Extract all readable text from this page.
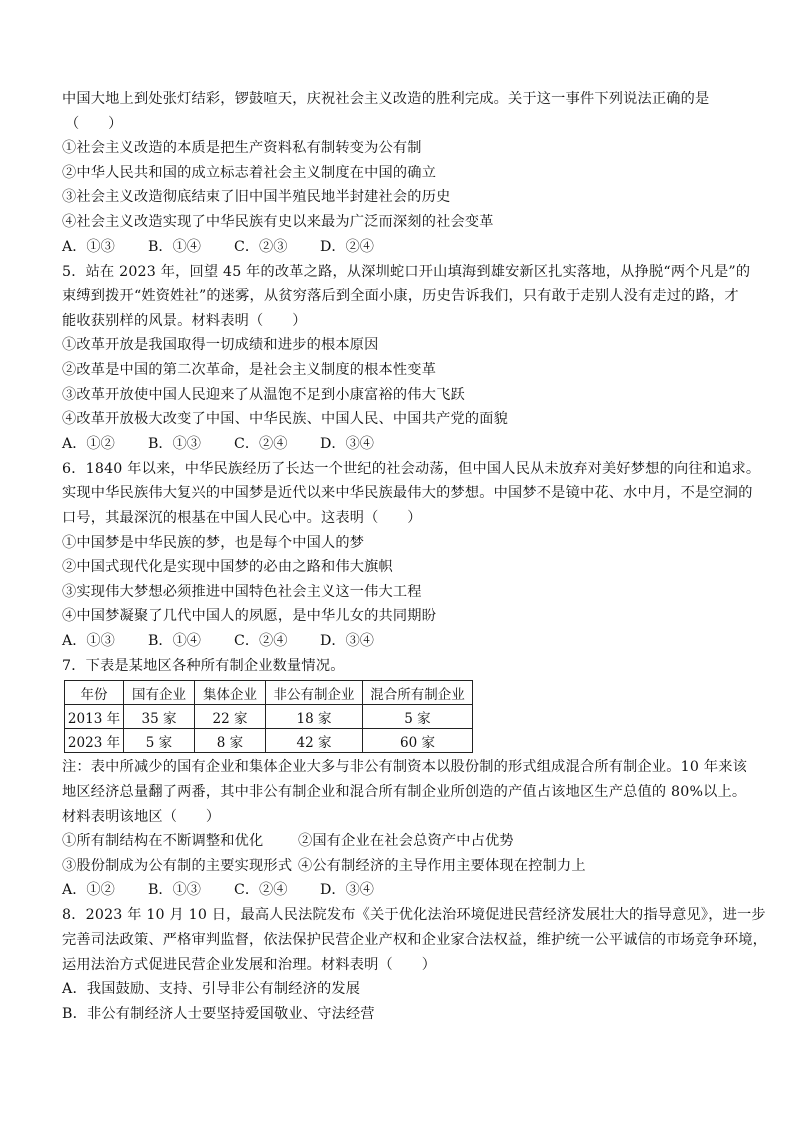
中国大地上到处张灯结彩，锣鼓喧天，庆祝社会主义改造的胜利完成。关于这一事件下列说法正确的是
（　　）
①社会主义改造的本质是把生产资料私有制转变为公有制
②中华人民共和国的成立标志着社会主义制度在中国的确立
③社会主义改造彻底结束了旧中国半殖民地半封建社会的历史
④社会主义改造实现了中华民族有史以来最为广泛而深刻的社会变革
A．①③ B．①④ C．②③ D．②④
5．站在 2023 年，回望 45 年的改革之路，从深圳蛇口开山填海到雄安新区扎实落地，从挣脱“两个凡是”的
束缚到拨开“姓资姓社”的迷雾，从贫穷落后到全面小康，历史告诉我们，只有敢于走别人没有走过的路，才
能收获别样的风景。材料表明（　　）
①改革开放是我国取得一切成绩和进步的根本原因
②改革是中国的第二次革命，是社会主义制度的根本性变革
③改革开放使中国人民迎来了从温饱不足到小康富裕的伟大飞跃
④改革开放极大改变了中国、中华民族、中国人民、中国共产党的面貌
A．①② B．①③ C．②④ D．③④
6．1840 年以来，中华民族经历了长达一个世纪的社会动荡，但中国人民从未放弃对美好梦想的向往和追求。
实现中华民族伟大复兴的中国梦是近代以来中华民族最伟大的梦想。中国梦不是镜中花、水中月，不是空洞的
口号，其最深沉的根基在中国人民心中。这表明（　　）
①中国梦是中华民族的梦，也是每个中国人的梦
②中国式现代化是实现中国梦的必由之路和伟大旗帜
③实现伟大梦想必须推进中国特色社会主义这一伟大工程
④中国梦凝聚了几代中国人的夙愿，是中华儿女的共同期盼
A．①③ B．①④ C．②④ D．③④
7．下表是某地区各种所有制企业数量情况。
年份	国有企业	集体企业	非公有制企业	混合所有制企业
2013 年	35 家	22 家	18 家	5 家
2023 年	5 家	8 家	42 家	60 家
注：表中所减少的国有企业和集体企业大多与非公有制资本以股份制的形式组成混合所有制企业。10 年来该
地区经济总量翻了两番，其中非公有制企业和混合所有制企业所创造的产值占该地区生产总值的 80%以上。
材料表明该地区（　　）
①所有制结构在不断调整和优化 ②国有企业在社会总资产中占优势
③股份制成为公有制的主要实现形式 ④公有制经济的主导作用主要体现在控制力上
A．①② B．①③ C．②④ D．③④
8．2023 年 10 月 10 日，最高人民法院发布《关于优化法治环境促进民营经济发展壮大的指导意见》，进一步
完善司法政策、严格审判监督，依法保护民营企业产权和企业家合法权益，维护统一公平诚信的市场竞争环境，
运用法治方式促进民营企业发展和治理。材料表明（　　）
A．我国鼓励、支持、引导非公有制经济的发展
B．非公有制经济人士要坚持爱国敬业、守法经营
